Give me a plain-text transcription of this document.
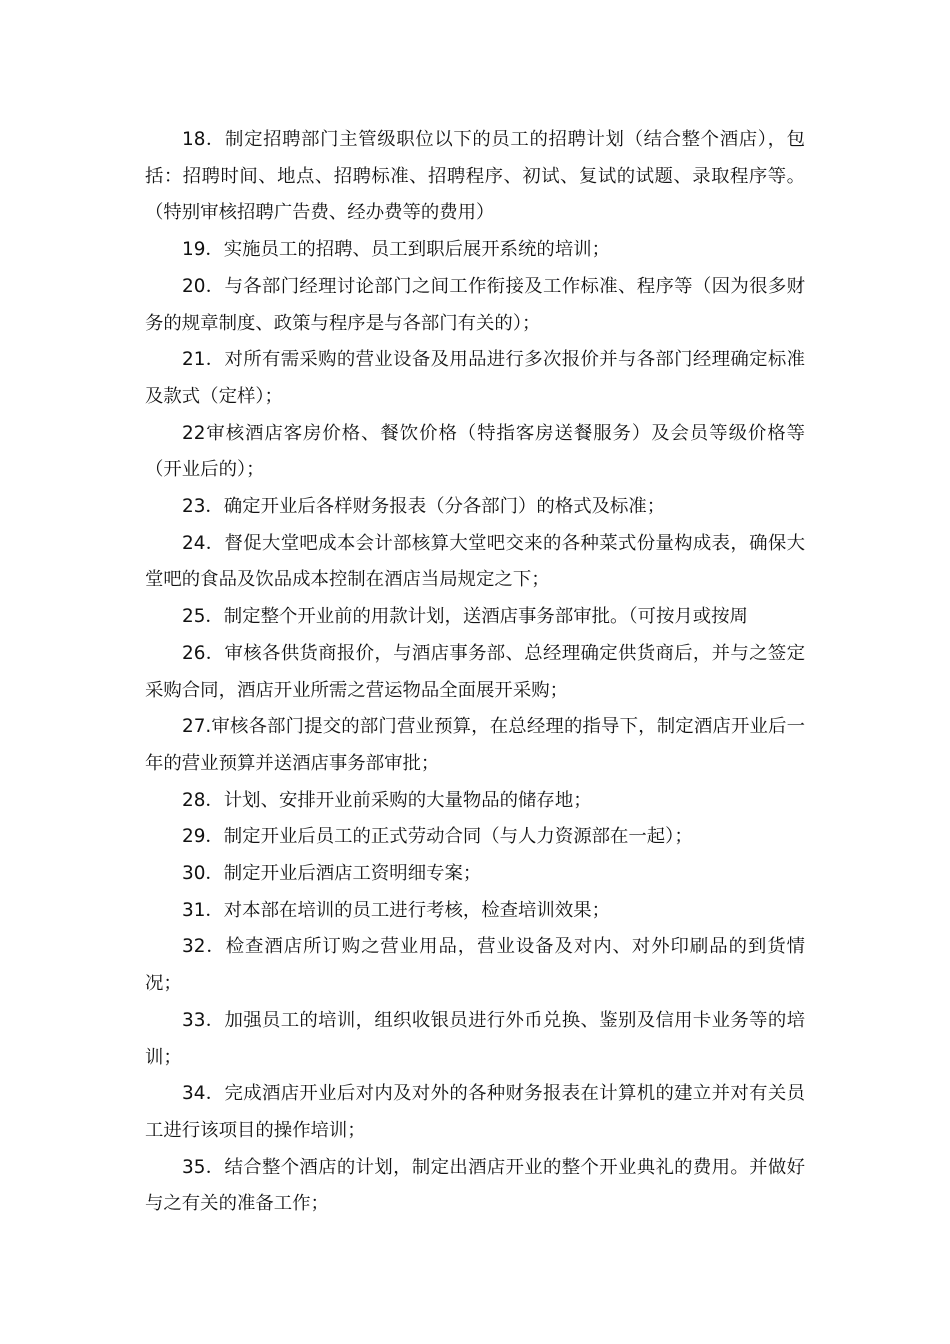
18．制定招聘部门主管级职位以下的员工的招聘计划（结合整个酒店），包括：招聘时间、地点、招聘标准、招聘程序、初试、复试的试题、录取程序等。（特别审核招聘广告费、经办费等的费用）

19．实施员工的招聘、员工到职后展开系统的培训；

20．与各部门经理讨论部门之间工作衔接及工作标准、程序等（因为很多财务的规章制度、政策与程序是与各部门有关的）；

21．对所有需采购的营业设备及用品进行多次报价并与各部门经理确定标准及款式（定样）；

22审核酒店客房价格、餐饮价格（特指客房送餐服务）及会员等级价格等（开业后的）；

23．确定开业后各样财务报表（分各部门）的格式及标准；

24．督促大堂吧成本会计部核算大堂吧交来的各种菜式份量构成表，确保大堂吧的食品及饮品成本控制在酒店当局规定之下；

25．制定整个开业前的用款计划，送酒店事务部审批。（可按月或按周

26．审核各供货商报价，与酒店事务部、总经理确定供货商后，并与之签定采购合同，酒店开业所需之营运物品全面展开采购；

27.审核各部门提交的部门营业预算，在总经理的指导下，制定酒店开业后一年的营业预算并送酒店事务部审批；

28．计划、安排开业前采购的大量物品的储存地；

29．制定开业后员工的正式劳动合同（与人力资源部在一起）；

30．制定开业后酒店工资明细专案；

31．对本部在培训的员工进行考核，检查培训效果；

32．检查酒店所订购之营业用品，营业设备及对内、对外印刷品的到货情况；

33．加强员工的培训，组织收银员进行外币兑换、鉴别及信用卡业务等的培训；

34．完成酒店开业后对内及对外的各种财务报表在计算机的建立并对有关员工进行该项目的操作培训；

35．结合整个酒店的计划，制定出酒店开业的整个开业典礼的费用。并做好与之有关的准备工作；
